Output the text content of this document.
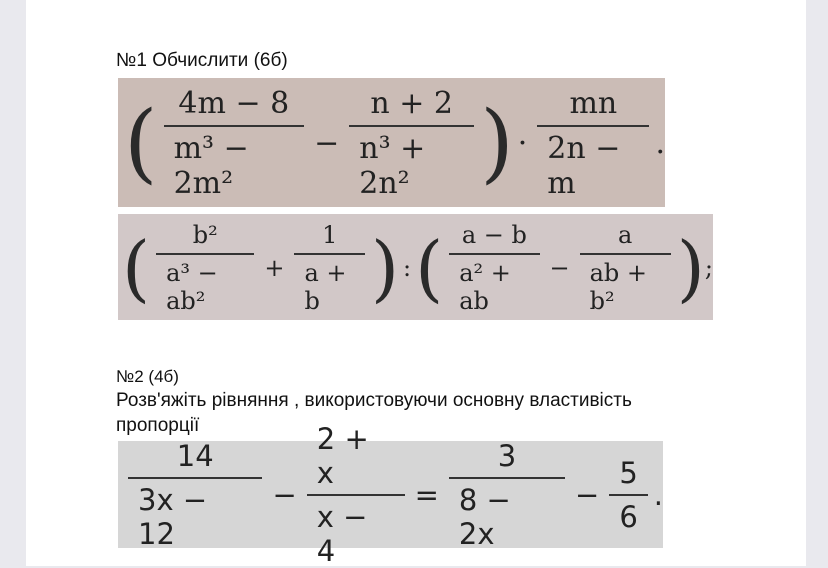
№1 Обчислити (6б)
( $\frac{4m - 8}{\text{m³ − 2m²}} - \frac{n + 2}{\text{n³ + 2n²}}$ ) · $\frac{mn}{2n - m}$ .
( $\frac{\text{b²}}{\text{a³ − ab²}} + \frac{1}{a + b}$ ) : ( $\frac{a - b}{\text{a² + ab}} - \frac{a}{\text{ab + b²}}$ ) ;
№2 (4б)
Розв'яжіть рівняння , використовуючи основну властивість
пропорції
$\frac{14}{3x - 12} - \frac{2 + x}{x - 4} = \frac{3}{8 - 2x} - \frac{5}{6}$ .
